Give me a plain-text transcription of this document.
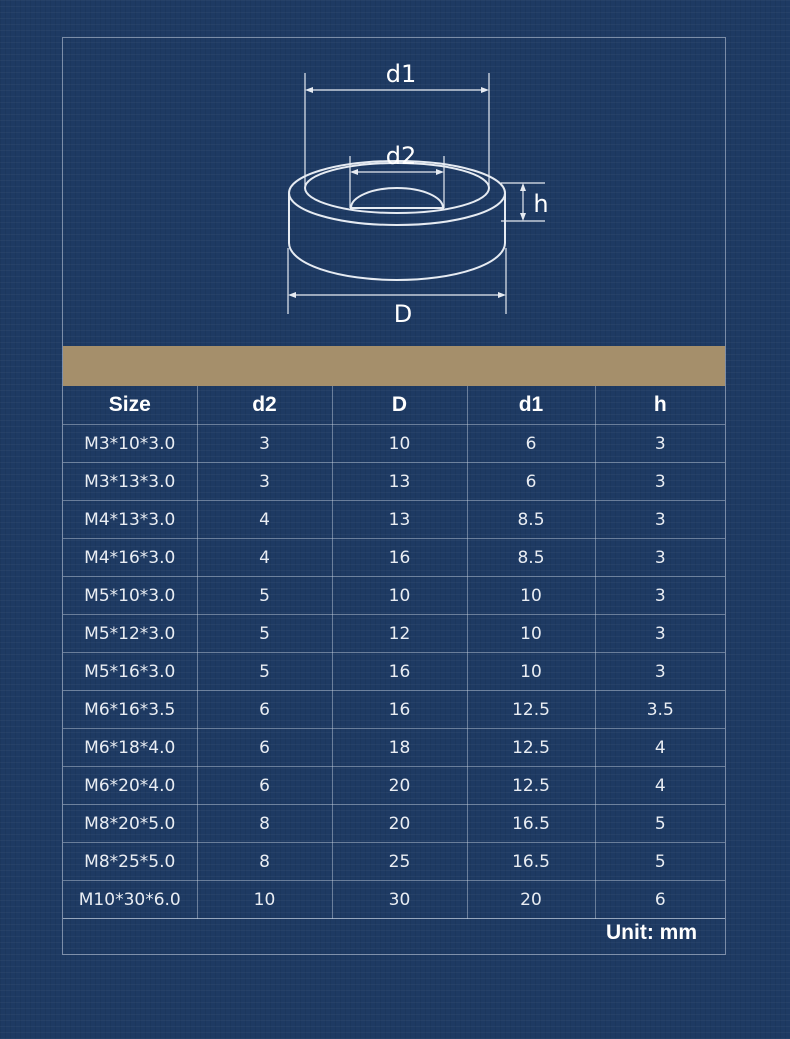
d1
d2
h
D
Size	d2	D	d1	h
M3*10*3.0	3	10	6	3
M3*13*3.0	3	13	6	3
M4*13*3.0	4	13	8.5	3
M4*16*3.0	4	16	8.5	3
M5*10*3.0	5	10	10	3
M5*12*3.0	5	12	10	3
M5*16*3.0	5	16	10	3
M6*16*3.5	6	16	12.5	3.5
M6*18*4.0	6	18	12.5	4
M6*20*4.0	6	20	12.5	4
M8*20*5.0	8	20	16.5	5
M8*25*5.0	8	25	16.5	5
M10*30*6.0	10	30	20	6
Unit: mm
